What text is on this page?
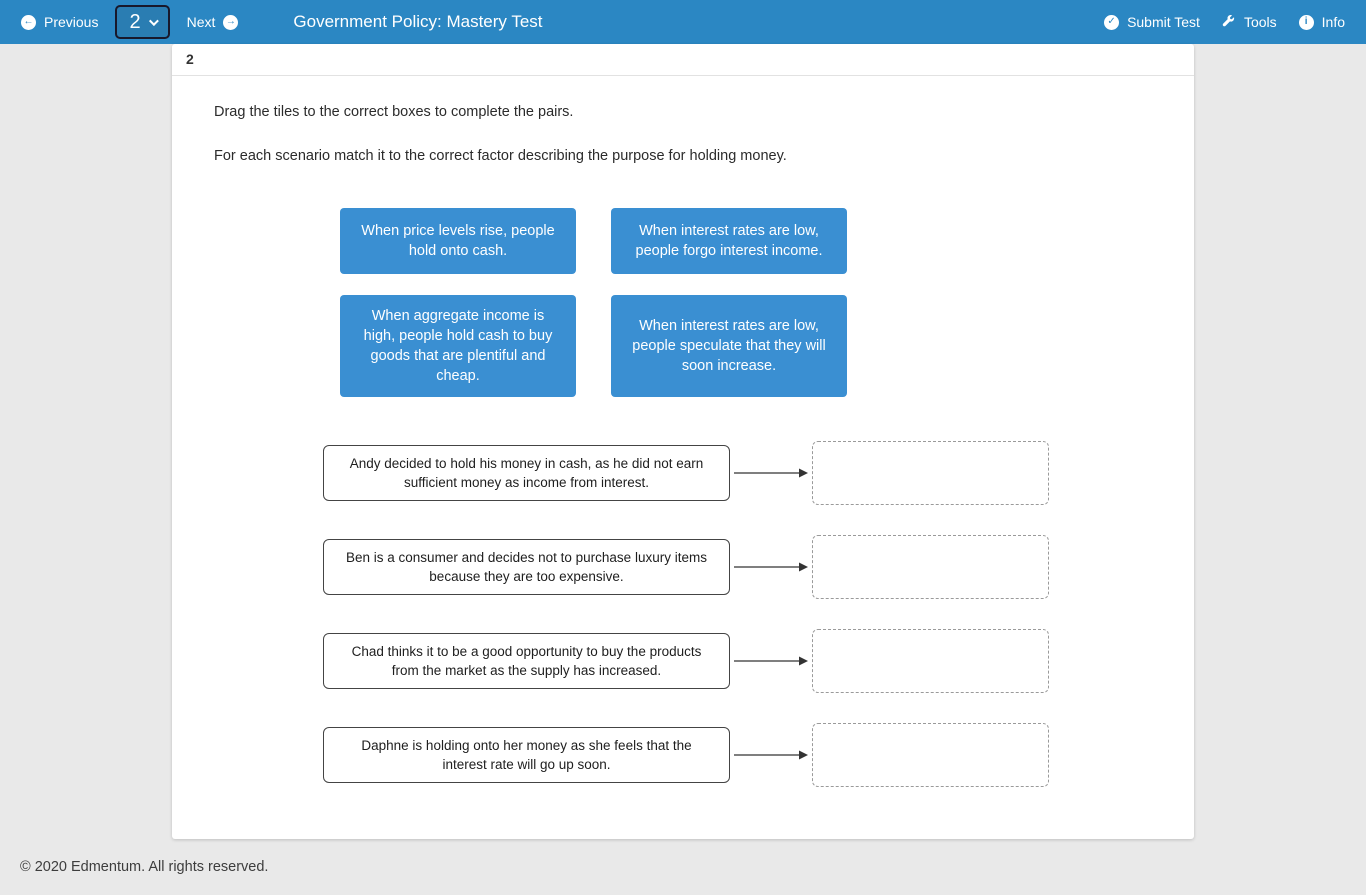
← Previous 2	Next →	Government Policy: Mastery Test	✓ Submit Test	Tools	i	Info
2

Drag the tiles to the correct boxes to complete the pairs.

For each scenario match it to the correct factor describing the purpose for holding money.

When price levels rise, people hold onto cash.
When interest rates are low, people forgo interest income.
When aggregate income is high, people hold cash to buy goods that are plentiful and cheap.
When interest rates are low, people speculate that they will soon increase.
Andy decided to hold his money in cash, as he did not earn sufficient money as income from interest.
Ben is a consumer and decides not to purchase luxury items because they are too expensive.
Chad thinks it to be a good opportunity to buy the products from the market as the supply has increased.
Daphne is holding onto her money as she feels that the interest rate will go up soon.
© 2020 Edmentum. All rights reserved.
